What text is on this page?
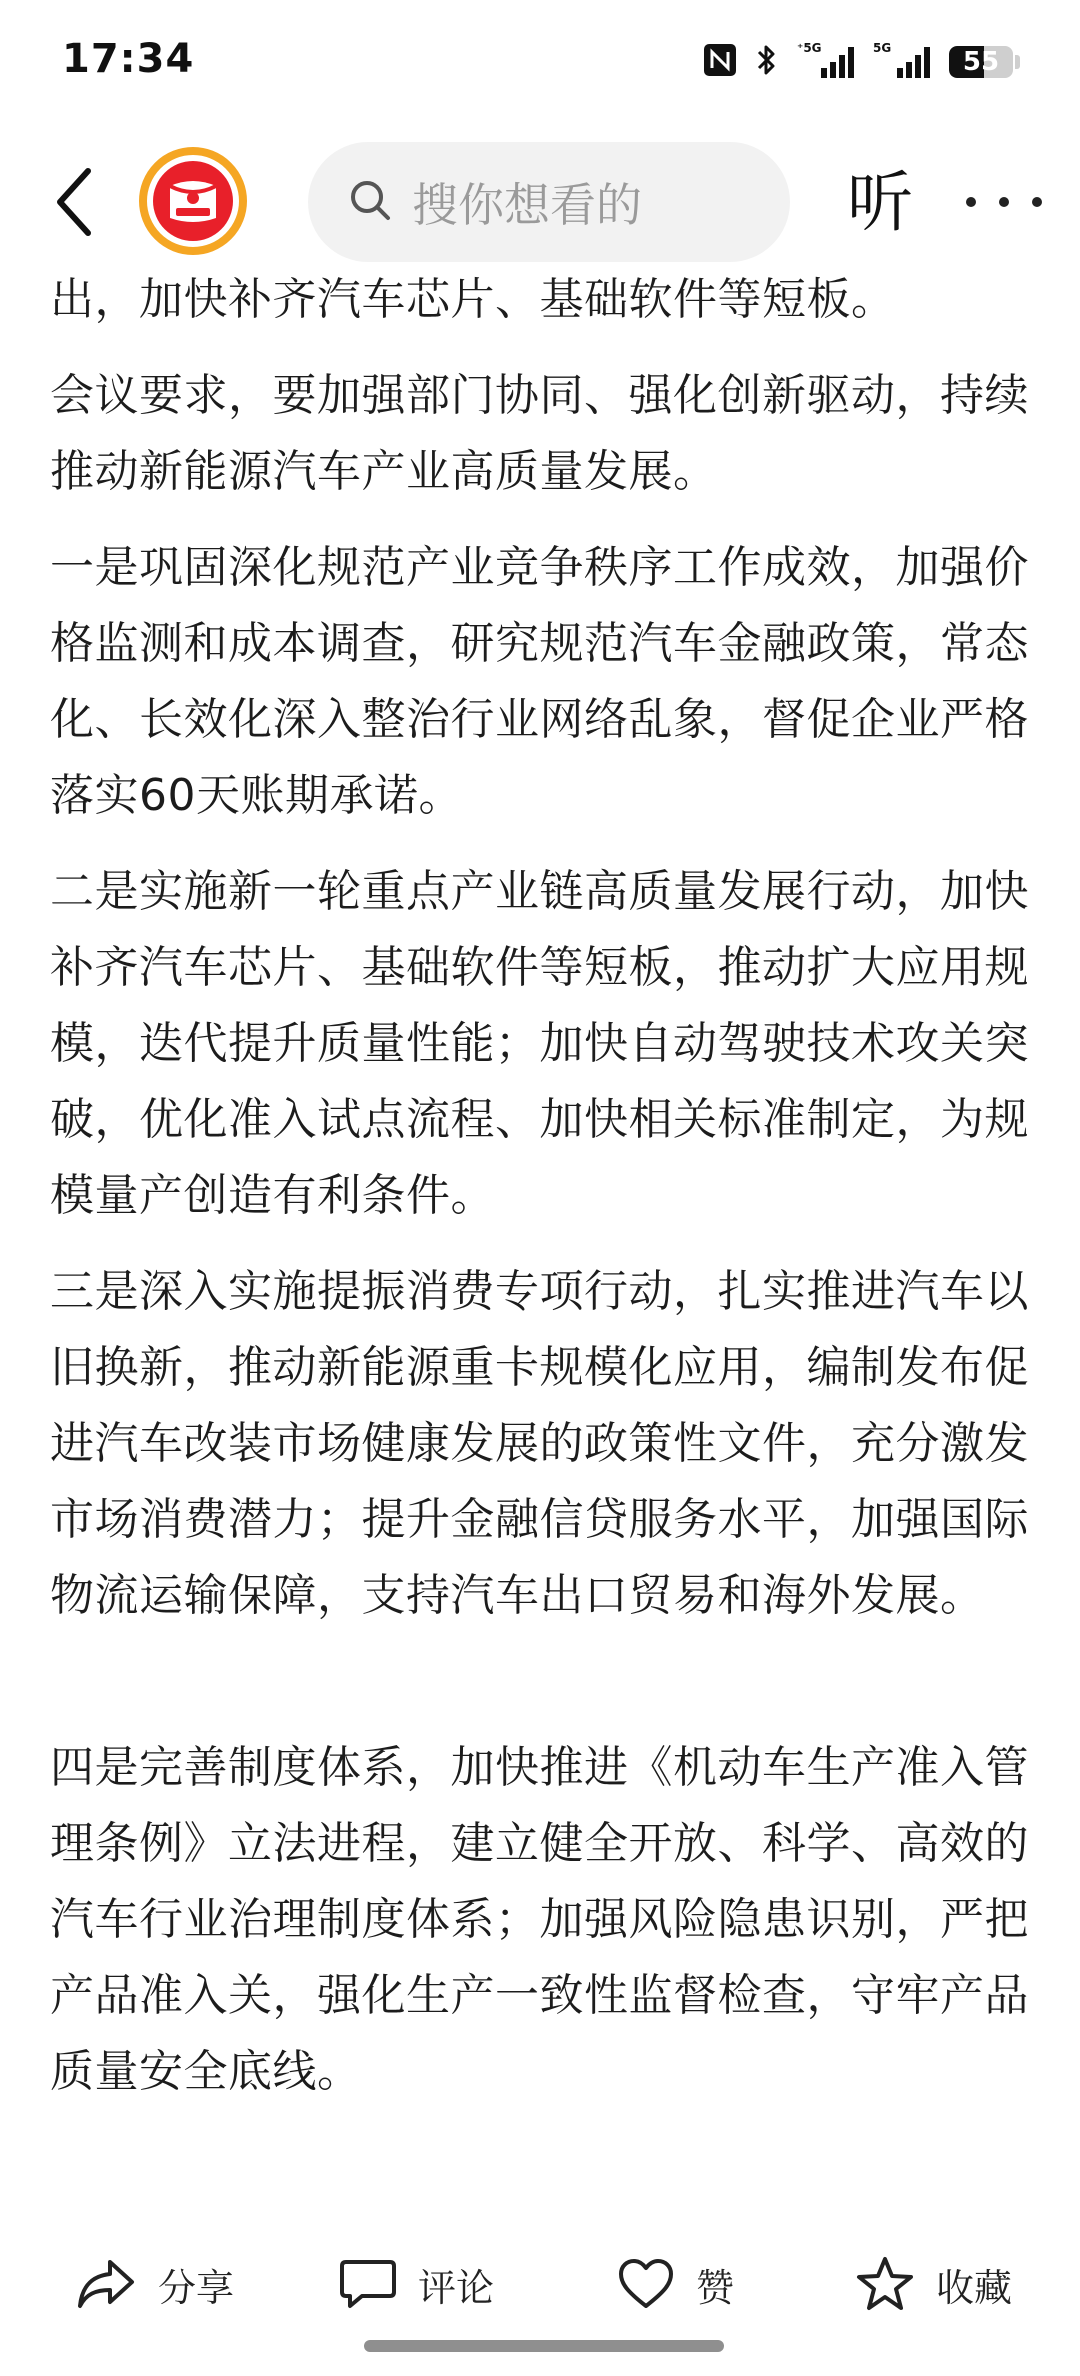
17:34	⁺5G	5G	55
搜你想看的	听

出，加快补齐汽车芯片、基础软件等短板。

会议要求，要加强部门协同、强化创新驱动，持续推动新能源汽车产业高质量发展。

一是巩固深化规范产业竞争秩序工作成效，加强价格监测和成本调查，研究规范汽车金融政策，常态化、长效化深入整治行业网络乱象，督促企业严格落实60天账期承诺。

二是实施新一轮重点产业链高质量发展行动，加快补齐汽车芯片、基础软件等短板，推动扩大应用规模，迭代提升质量性能；加快自动驾驶技术攻关突破，优化准入试点流程、加快相关标准制定，为规模量产创造有利条件。

三是深入实施提振消费专项行动，扎实推进汽车以旧换新，推动新能源重卡规模化应用，编制发布促进汽车改装市场健康发展的政策性文件，充分激发市场消费潜力；提升金融信贷服务水平，加强国际物流运输保障，支持汽车出口贸易和海外发展。

四是完善制度体系，加快推进《机动车生产准入管理条例》立法进程，建立健全开放、科学、高效的汽车行业治理制度体系；加强风险隐患识别，严把产品准入关，强化生产一致性监督检查，守牢产品质量安全底线。

分享	评论	赞	收藏
